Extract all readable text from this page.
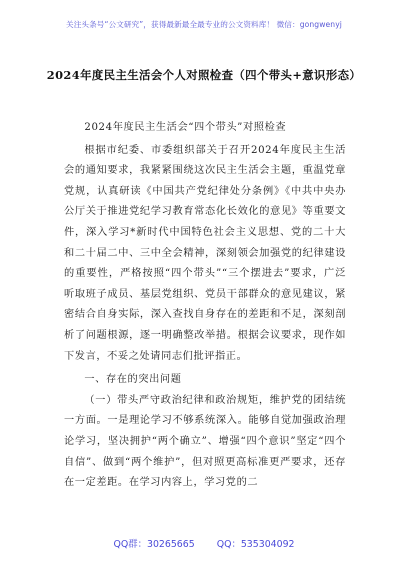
关注头条号“公文研究”，获得最新最全最专业的公文资料库！ 微信：gongwenyj
2024年度民主生活会个人对照检查（四个带头+意识形态）

2024年度民主生活会“四个带头”对照检查

根据市纪委、市委组织部关于召开2024年度民主生活会的通知要求，我紧紧围绕这次民主生活会主题，重温党章党规，认真研读《中国共产党纪律处分条例》《中共中央办公厅关于推进党纪学习教育常态化长效化的意见》等重要文件，深入学习*新时代中国特色社会主义思想、党的二十大和二十届二中、三中全会精神，深刻领会加强党的纪律建设的重要性，严格按照“四个带头”“三个摆进去”要求，广泛听取班子成员、基层党组织、党员干部群众的意见建议，紧密结合自身实际，深入查找自身存在的差距和不足，深刻剖析了问题根源，逐一明确整改举措。根据会议要求，现作如下发言，不妥之处请同志们批评指正。

一、存在的突出问题

（一）带头严守政治纪律和政治规矩，维护党的团结统一方面。一是理论学习不够系统深入。能够自觉加强政治理论学习，坚决拥护“两个确立”、增强“四个意识”坚定“四个自信”、做到“两个维护”，但对照更高标准更严要求，还存在一定差距。在学习内容上，学习党的二

QQ群：30265665 QQ：535304092
